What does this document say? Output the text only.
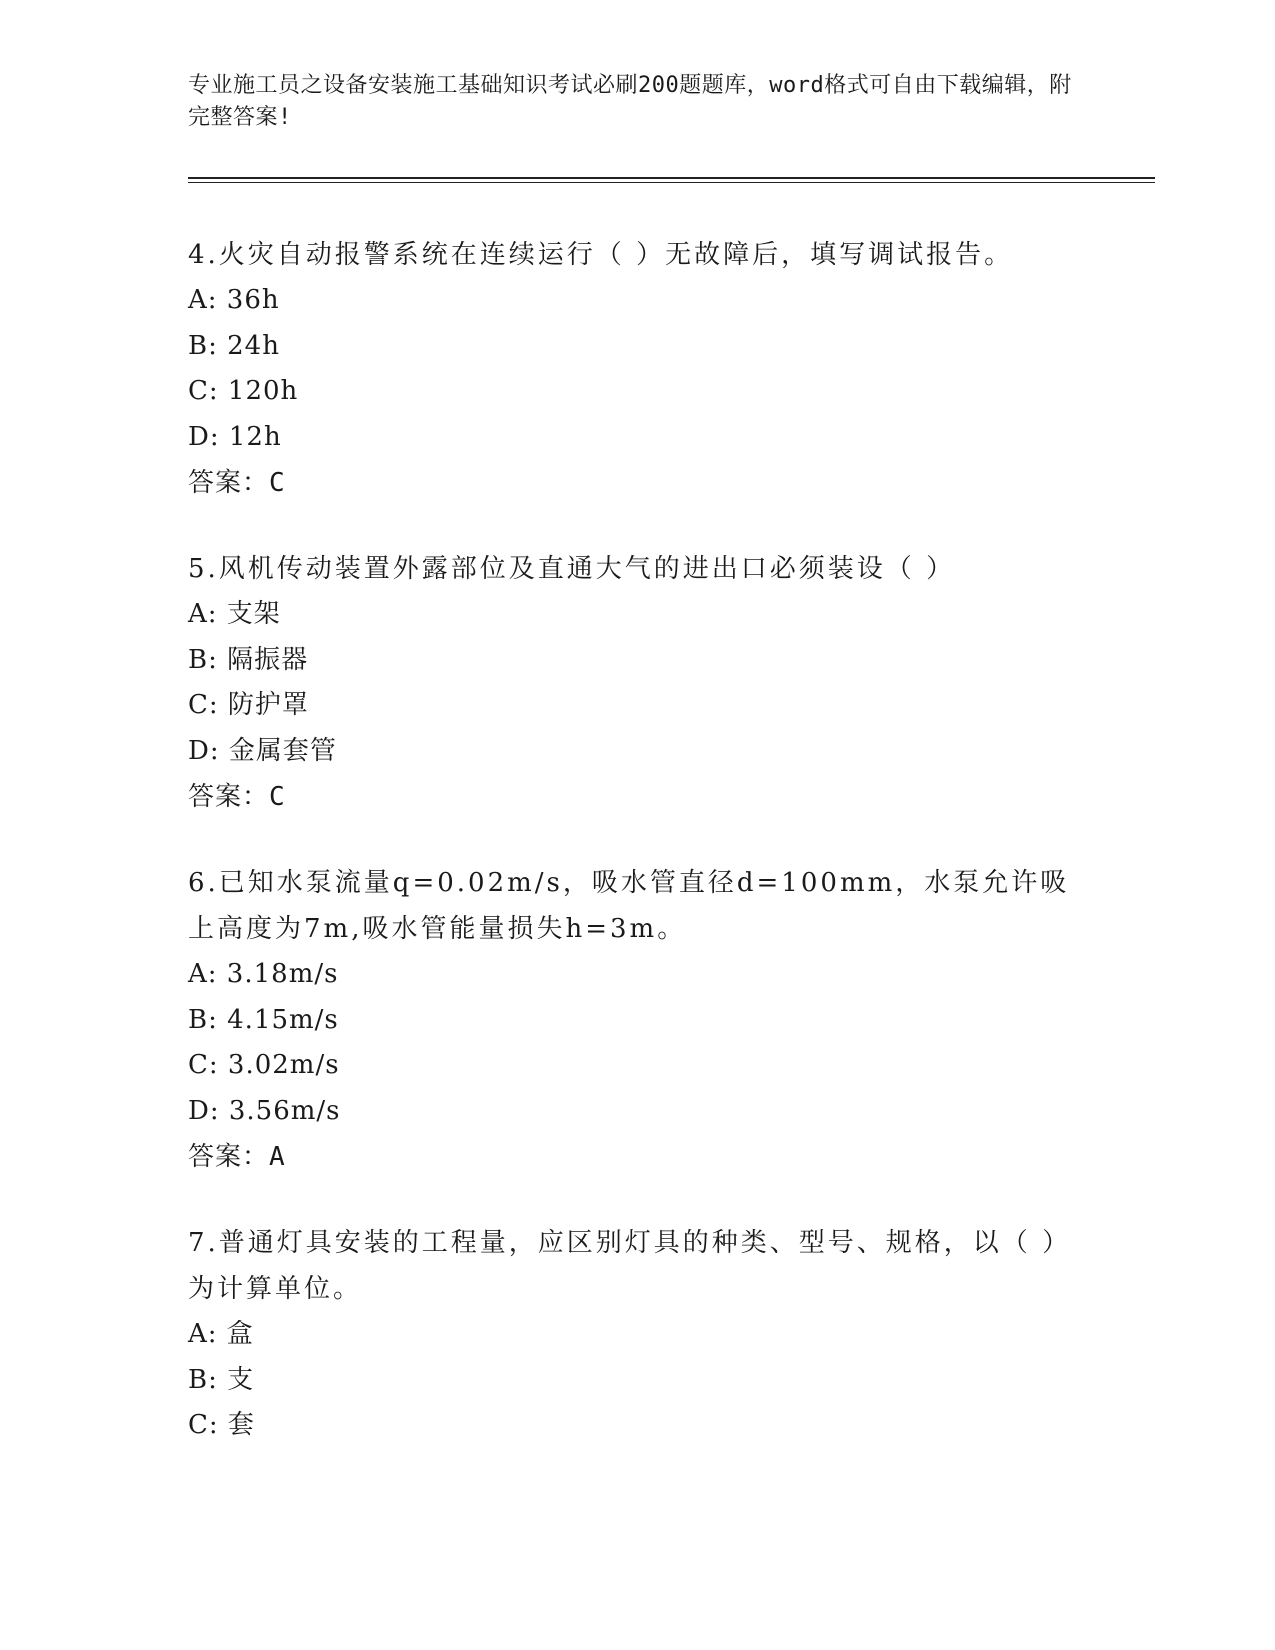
专业施工员之设备安装施工基础知识考试必刷200题题库，word格式可自由下载编辑，附完整答案!

4.火灾自动报警系统在连续运行（ ）无故障后，填写调试报告。

A: 36h
B: 24h
C: 120h
D: 12h
答案：C

5.风机传动装置外露部位及直通大气的进出口必须装设（ ）

A: 支架
B: 隔振器
C: 防护罩
D: 金属套管
答案：C

6.已知水泵流量q=0.02m/s，吸水管直径d=100mm，水泵允许吸上高度为7m,吸水管能量损失h=3m。

A: 3.18m/s
B: 4.15m/s
C: 3.02m/s
D: 3.56m/s
答案：A

7.普通灯具安装的工程量，应区别灯具的种类、型号、规格，以（ ）为计算单位。

A: 盒
B: 支
C: 套
